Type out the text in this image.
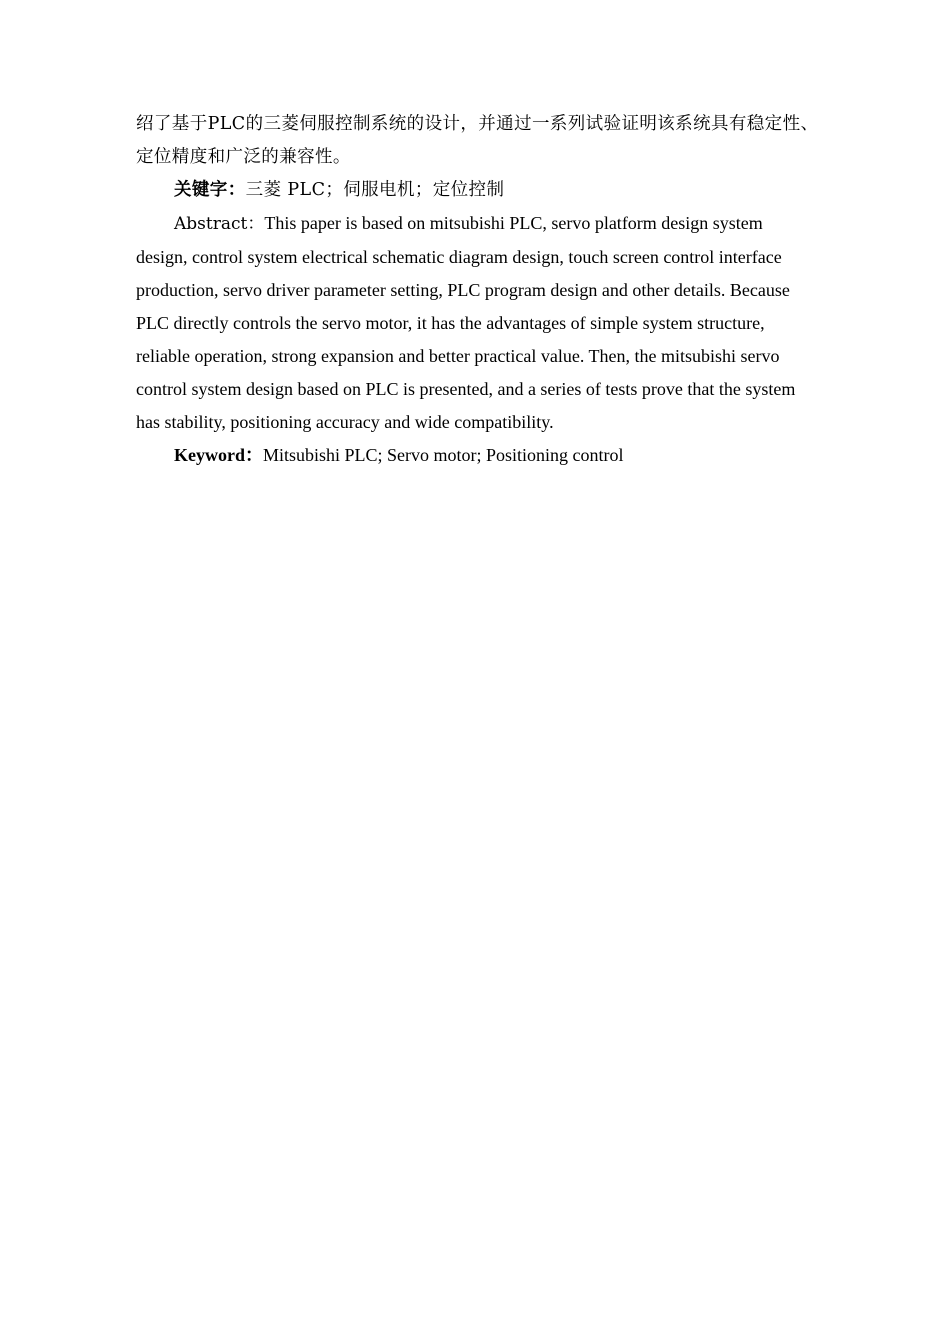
绍了基于PLC的三菱伺服控制系统的设计，并通过一系列试验证明该系统具有稳定性、
定位精度和广泛的兼容性。
关键字：三菱 PLC；伺服电机；定位控制
Abstract：This paper is based on mitsubishi PLC, servo platform design system
design, control system electrical schematic diagram design, touch screen control interface
production, servo driver parameter setting, PLC program design and other details. Because
PLC directly controls the servo motor, it has the advantages of simple system structure,
reliable operation, strong expansion and better practical value. Then, the mitsubishi servo
control system design based on PLC is presented, and a series of tests prove that the system
has stability, positioning accuracy and wide compatibility.
Keyword：Mitsubishi PLC; Servo motor; Positioning control
